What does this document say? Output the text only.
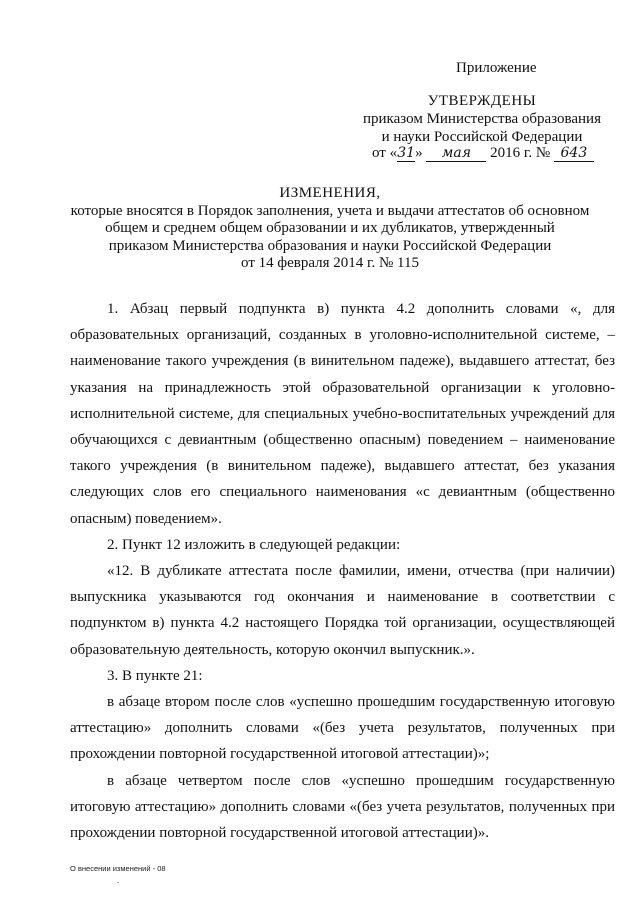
Приложение
УТВЕРЖДЕНЫ
приказом Министерства образования
и науки Российской Федерации
от «31» мая 2016 г. № 643
ИЗМЕНЕНИЯ,
которые вносятся в Порядок заполнения, учета и выдачи аттестатов об основном
общем и среднем общем образовании и их дубликатов, утвержденный
приказом Министерства образования и науки Российской Федерации
от 14 февраля 2014 г. № 115

1. Абзац первый подпункта в) пункта 4.2 дополнить словами «, для образовательных организаций, созданных в уголовно-исполнительной системе, – наименование такого учреждения (в винительном падеже), выдавшего аттестат, без указания на принадлежность этой образовательной организации к уголовно-исполнительной системе, для специальных учебно-воспитательных учреждений для обучающихся с девиантным (общественно опасным) поведением – наименование такого учреждения (в винительном падеже), выдавшего аттестат, без указания следующих слов его специального наименования «с девиантным (общественно опасным) поведением».

2. Пункт 12 изложить в следующей редакции:

«12. В дубликате аттестата после фамилии, имени, отчества (при наличии) выпускника указываются год окончания и наименование в соответствии с подпунктом в) пункта 4.2 настоящего Порядка той организации, осуществляющей образовательную деятельность, которую окончил выпускник.».

3. В пункте 21:

в абзаце втором после слов «успешно прошедшим государственную итоговую аттестацию» дополнить словами «(без учета результатов, полученных при прохождении повторной государственной итоговой аттестации)»;

в абзаце четвертом после слов «успешно прошедшим государственную итоговую аттестацию» дополнить словами «(без учета результатов, полученных при прохождении повторной государственной итоговой аттестации)».

О внесении изменений - 08
-
